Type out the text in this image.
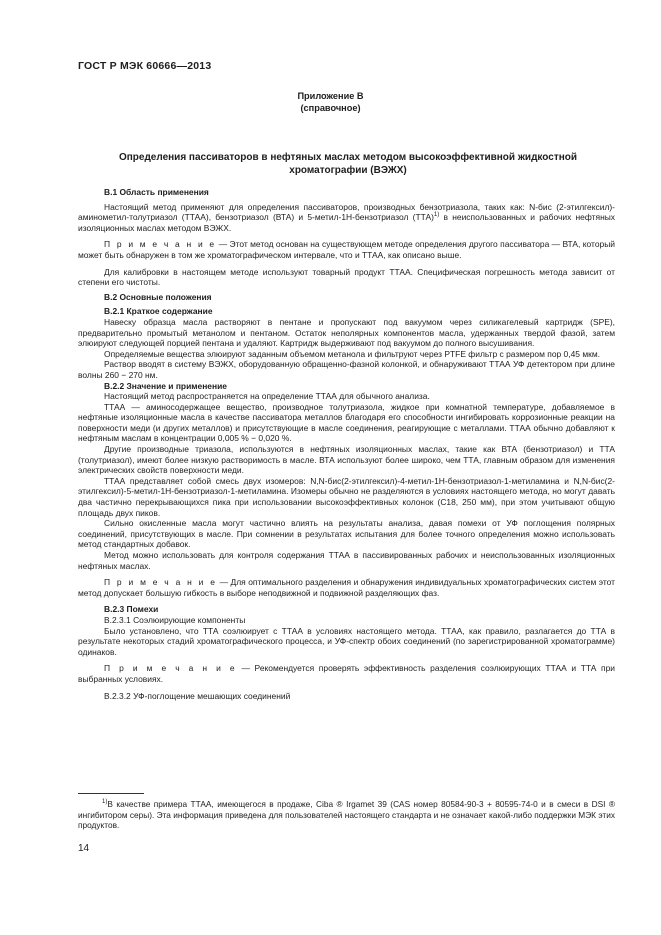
ГОСТ Р МЭК 60666—2013
Приложение В
(справочное)
Определения пассиваторов в нефтяных маслах методом высокоэффективной жидкостной
хроматографии (ВЭЖХ)
В.1 Область применения

Настоящий метод применяют для определения пассиваторов, производных бензотриазола, таких как: N-бис (2-этилгексил)-аминометил-толутриазол (ТТАА), бензотриазол (ВТА) и 5-метил-1Н-бензотриазол (ТТА)$^{1)}$ в неиспользованных и рабочих нефтяных изоляционных маслах методом ВЭЖХ.

П р и м е ч а н и е — Этот метод основан на существующем методе определения другого пассиватора — ВТА, который может быть обнаружен в том же хроматографическом интервале, что и ТТАА, как описано выше.

Для калибровки в настоящем методе используют товарный продукт ТТАА. Специфическая погрешность метода зависит от степени его чистоты.

В.2 Основные положения
В.2.1 Краткое содержание

Навеску образца масла растворяют в пентане и пропускают под вакуумом через силикагелевый картридж (SPE), предварительно промытый метанолом и пентаном. Остаток неполярных компонентов масла, удержанных твердой фазой, затем элюируют следующей порцией пентана и удаляют. Картридж выдерживают под вакуумом до полного высушивания.

Определяемые вещества элюируют заданным объемом метанола и фильтруют через PTFE фильтр с размером пор 0,45 мкм.

Раствор вводят в систему ВЭЖХ, оборудованную обращенно-фазной колонкой, и обнаруживают ТТАА УФ детектором при длине волны 260 − 270 нм.

В.2.2 Значение и применение

Настоящий метод распространяется на определение ТТАА для обычного анализа.

ТТАА — аминосодержащее вещество, производное толутриазола, жидкое при комнатной температуре, добавляемое в нефтяные изоляционные масла в качестве пассиватора металлов благодаря его способности ингибировать коррозионные реакции на поверхности меди (и других металлов) и присутствующие в масле соединения, реагирующие с металлами. ТТАА обычно добавляют к нефтяным маслам в концентрации 0,005 % − 0,020 %.

Другие производные триазола, используются в нефтяных изоляционных маслах, такие как ВТА (бензотриазол) и ТТА (толутриазол), имеют более низкую растворимость в масле. ВТА используют более широко, чем ТТА, главным образом для изменения электрических свойств поверхности меди.

ТТАА представляет собой смесь двух изомеров: N,N-бис(2-этилгексил)-4-метил-1Н-бензотриазол-1-метиламина и N,N-бис(2-этилгексил)-5-метил-1Н-бензотриазол-1-метиламина. Изомеры обычно не разделяются в условиях настоящего метода, но могут давать два частично перекрывающихся пика при использовании высокоэффективных колонок (С18, 250 мм), при этом учитывают общую площадь двух пиков.

Сильно окисленные масла могут частично влиять на результаты анализа, давая помехи от УФ поглощения полярных соединений, присутствующих в масле. При сомнении в результатах испытания для более точного определения можно использовать метод стандартных добавок.

Метод можно использовать для контроля содержания ТТАА в пассивированных рабочих и неиспользованных изоляционных нефтяных маслах.

П р и м е ч а н и е — Для оптимального разделения и обнаружения индивидуальных хроматографических систем этот метод допускает большую гибкость в выборе неподвижной и подвижной разделяющих фаз.

В.2.3 Помехи
В.2.3.1 Соэлюирующие компоненты

Было установлено, что ТТА соэлюирует с ТТАА в условиях настоящего метода. ТТАА, как правило, разлагается до ТТА в результате некоторых стадий хроматографического процесса, и УФ-спектр обоих соединений (по зарегистрированной хроматограмме) одинаков.

П р и м е ч а н и е — Рекомендуется проверять эффективность разделения соэлюирующих ТТАА и ТТА при выбранных условиях.

В.2.3.2 УФ-поглощение мешающих соединений

$^{1)}$В качестве примера ТТАА, имеющегося в продаже, Ciba ® Irgamet 39 (CAS номер 80584-90-3 + 80595-74-0 и в смеси в DSI ® ингибитором серы). Эта информация приведена для пользователей настоящего стандарта и не означает какой-либо поддержки МЭК этих продуктов.

14
